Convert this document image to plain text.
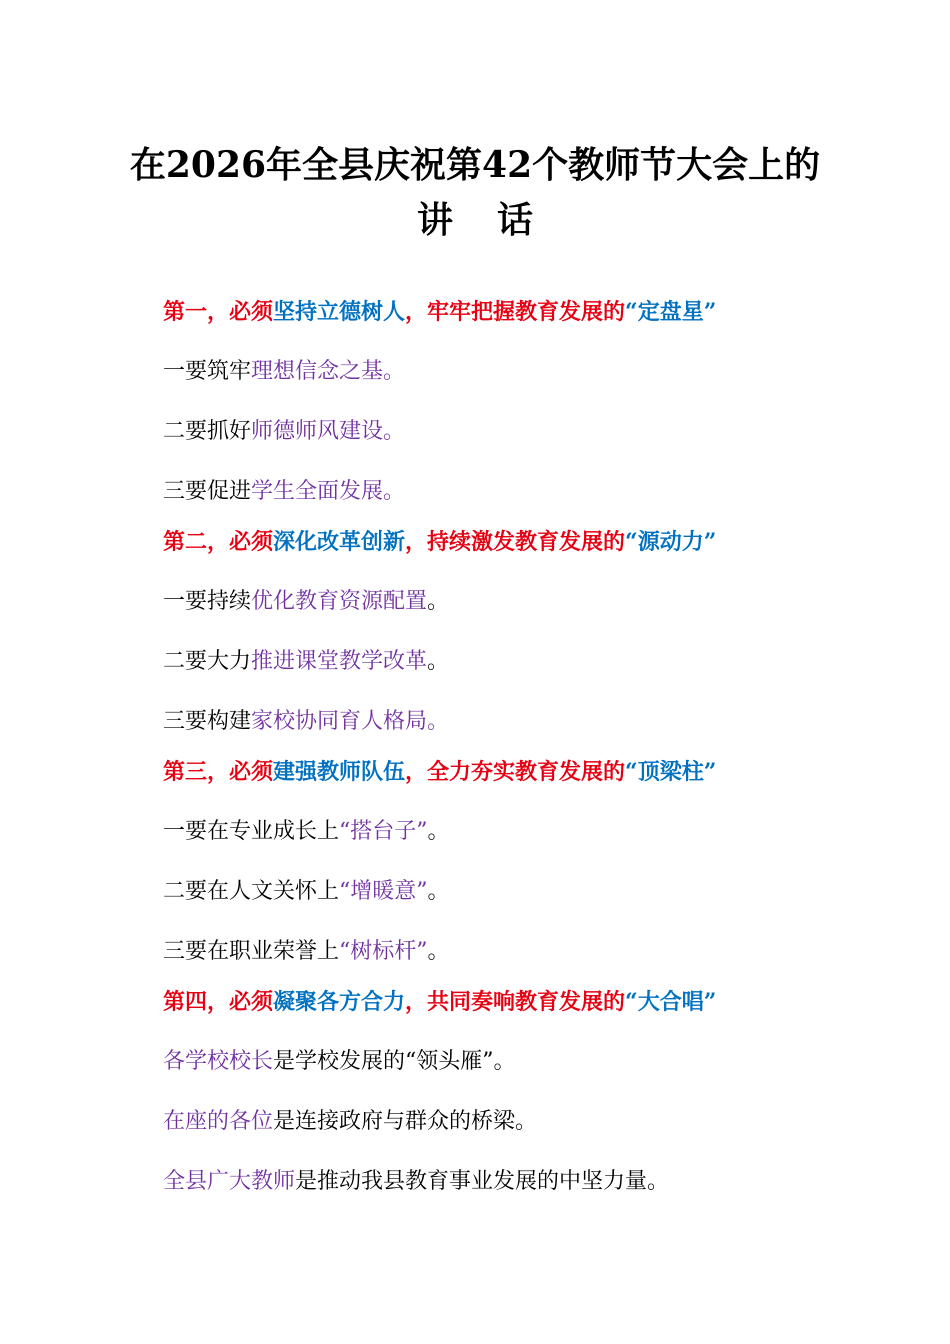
在2026年全县庆祝第42个教师节大会上的
讲话
第一，必须坚持立德树人，牢牢把握教育发展的“定盘星”
一要筑牢理想信念之基。
二要抓好师德师风建设。
三要促进学生全面发展。
第二，必须深化改革创新，持续激发教育发展的“源动力”
一要持续优化教育资源配置。
二要大力推进课堂教学改革。
三要构建家校协同育人格局。
第三，必须建强教师队伍，全力夯实教育发展的“顶梁柱”
一要在专业成长上“搭台子”。
二要在人文关怀上“增暖意”。
三要在职业荣誉上“树标杆”。
第四，必须凝聚各方合力，共同奏响教育发展的“大合唱”
各学校校长是学校发展的“领头雁”。
在座的各位是连接政府与群众的桥梁。
全县广大教师是推动我县教育事业发展的中坚力量。
